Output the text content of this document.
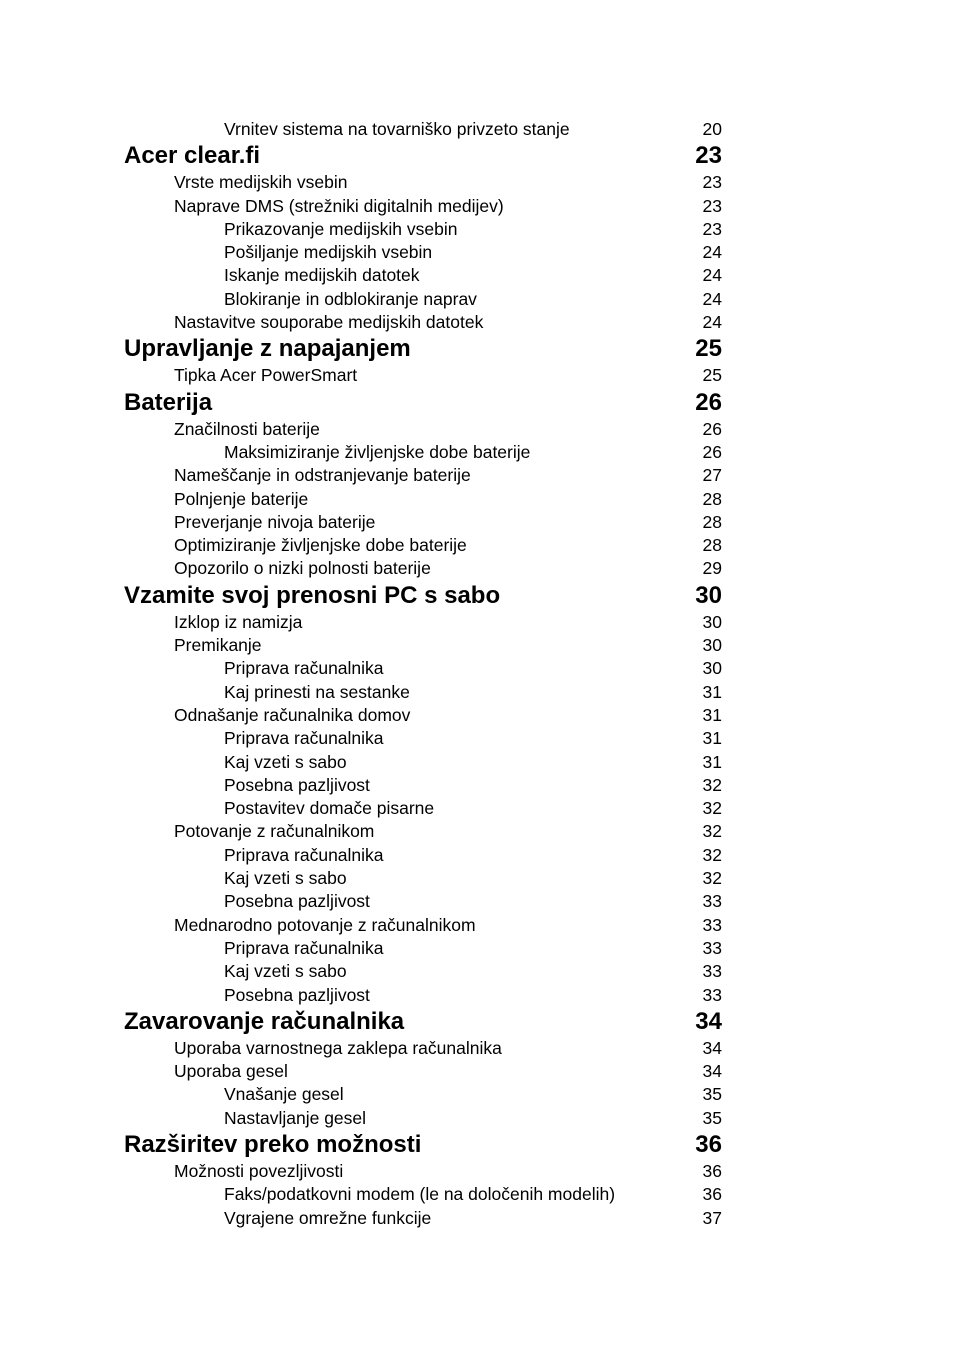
Vrnitev sistema na tovarniško privzeto stanje	20
Acer clear.fi	23
Vrste medijskih vsebin	23
Naprave DMS (strežniki digitalnih medijev)	23
Prikazovanje medijskih vsebin	23
Pošiljanje medijskih vsebin	24
Iskanje medijskih datotek	24
Blokiranje in odblokiranje naprav	24
Nastavitve souporabe medijskih datotek	24
Upravljanje z napajanjem	25
Tipka Acer PowerSmart	25
Baterija	26
Značilnosti baterije	26
Maksimiziranje življenjske dobe baterije	26
Nameščanje in odstranjevanje baterije	27
Polnjenje baterije	28
Preverjanje nivoja baterije	28
Optimiziranje življenjske dobe baterije	28
Opozorilo o nizki polnosti baterije	29
Vzamite svoj prenosni PC s sabo	30
Izklop iz namizja	30
Premikanje	30
Priprava računalnika	30
Kaj prinesti na sestanke	31
Odnašanje računalnika domov	31
Priprava računalnika	31
Kaj vzeti s sabo	31
Posebna pazljivost	32
Postavitev domače pisarne	32
Potovanje z računalnikom	32
Priprava računalnika	32
Kaj vzeti s sabo	32
Posebna pazljivost	33
Mednarodno potovanje z računalnikom	33
Priprava računalnika	33
Kaj vzeti s sabo	33
Posebna pazljivost	33
Zavarovanje računalnika	34
Uporaba varnostnega zaklepa računalnika	34
Uporaba gesel	34
Vnašanje gesel	35
Nastavljanje gesel	35
Razširitev preko možnosti	36
Možnosti povezljivosti	36
Faks/podatkovni modem (le na določenih modelih)	36
Vgrajene omrežne funkcije	37
